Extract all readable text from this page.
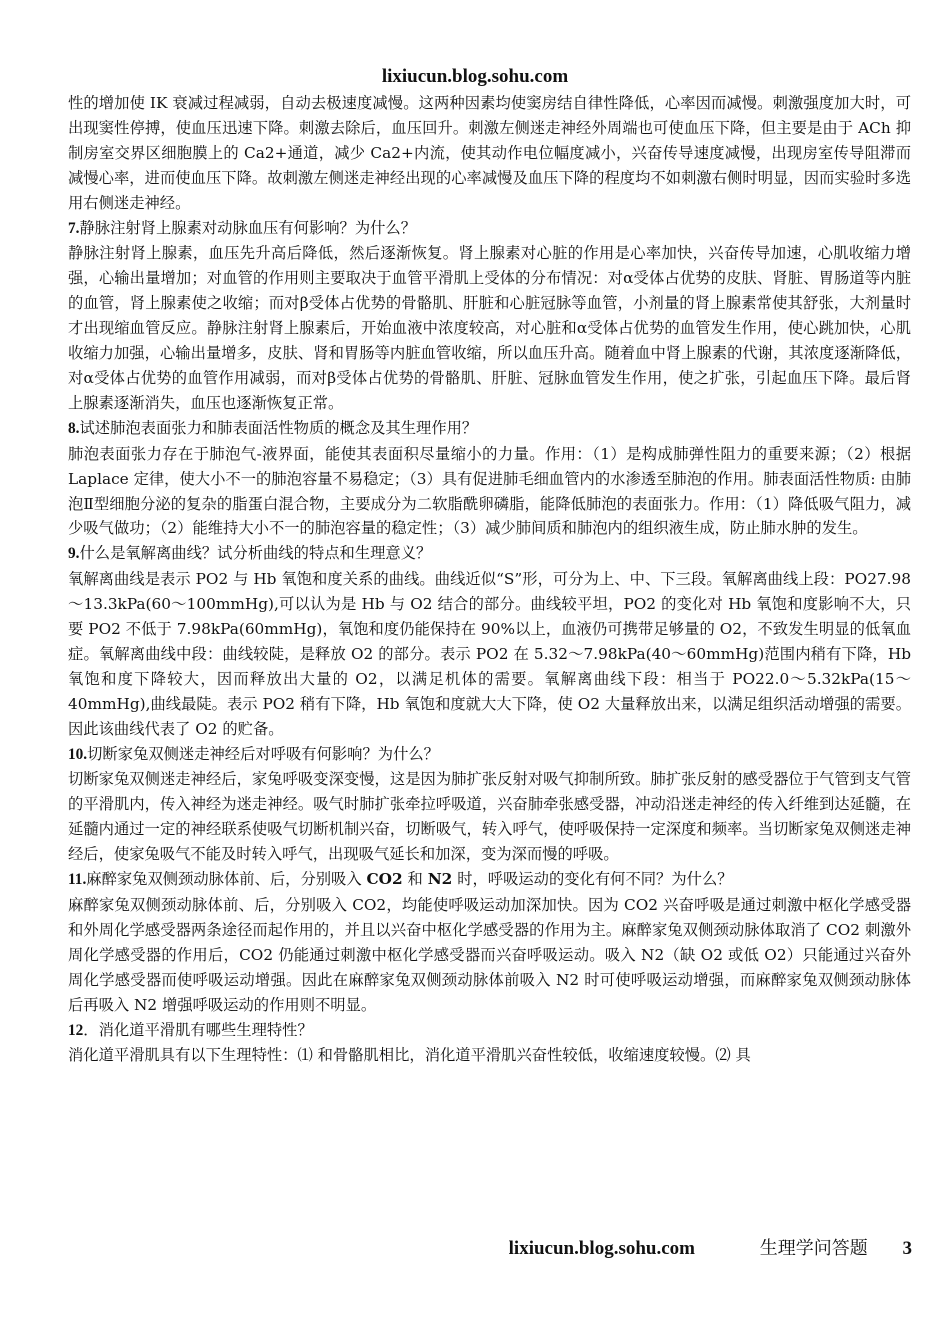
lixiucun.blog.sohu.com

性的增加使 IK 衰减过程减弱，自动去极速度减慢。这两种因素均使窦房结自律性降低，心率因而减慢。刺激强度加大时，可出现窦性停搏，使血压迅速下降。刺激去除后，血压回升。刺激左侧迷走神经外周端也可使血压下降，但主要是由于 ACh 抑制房室交界区细胞膜上的 Ca2+通道，减少 Ca2+内流，使其动作电位幅度减小，兴奋传导速度减慢，出现房室传导阻滞而减慢心率，进而使血压下降。故刺激左侧迷走神经出现的心率减慢及血压下降的程度均不如刺激右侧时明显，因而实验时多选用右侧迷走神经。

7.静脉注射肾上腺素对动脉血压有何影响？为什么？

静脉注射肾上腺素，血压先升高后降低，然后逐渐恢复。肾上腺素对心脏的作用是心率加快，兴奋传导加速，心肌收缩力增强，心输出量增加；对血管的作用则主要取决于血管平滑肌上受体的分布情况：对α受体占优势的皮肤、肾脏、胃肠道等内脏的血管，肾上腺素使之收缩；而对β受体占优势的骨骼肌、肝脏和心脏冠脉等血管，小剂量的肾上腺素常使其舒张，大剂量时才出现缩血管反应。静脉注射肾上腺素后，开始血液中浓度较高，对心脏和α受体占优势的血管发生作用，使心跳加快，心肌收缩力加强，心输出量增多，皮肤、肾和胃肠等内脏血管收缩，所以血压升高。随着血中肾上腺素的代谢，其浓度逐渐降低，对α受体占优势的血管作用减弱，而对β受体占优势的骨骼肌、肝脏、冠脉血管发生作用，使之扩张，引起血压下降。最后肾上腺素逐渐消失，血压也逐渐恢复正常。

8.试述肺泡表面张力和肺表面活性物质的概念及其生理作用？

肺泡表面张力存在于肺泡气-液界面，能使其表面积尽量缩小的力量。作用：（1）是构成肺弹性阻力的重要来源；（2）根据 Laplace 定律，使大小不一的肺泡容量不易稳定；（3）具有促进肺毛细血管内的水渗透至肺泡的作用。肺表面活性物质: 由肺泡Ⅱ型细胞分泌的复杂的脂蛋白混合物，主要成分为二软脂酰卵磷脂，能降低肺泡的表面张力。作用：（1）降低吸气阻力，减少吸气做功；（2）能维持大小不一的肺泡容量的稳定性；（3）减少肺间质和肺泡内的组织液生成，防止肺水肿的发生。

9.什么是氧解离曲线？试分析曲线的特点和生理意义？

氧解离曲线是表示 PO2 与 Hb 氧饱和度关系的曲线。曲线近似“S”形，可分为上、中、下三段。氧解离曲线上段：PO27.98～13.3kPa(60～100mmHg),可以认为是 Hb 与 O2 结合的部分。曲线较平坦，PO2 的变化对 Hb 氧饱和度影响不大，只要 PO2 不低于 7.98kPa(60mmHg)，氧饱和度仍能保持在 90%以上，血液仍可携带足够量的 O2，不致发生明显的低氧血症。氧解离曲线中段：曲线较陡，是释放 O2 的部分。表示 PO2 在 5.32～7.98kPa(40～60mmHg)范围内稍有下降，Hb 氧饱和度下降较大，因而释放出大量的 O2，以满足机体的需要。氧解离曲线下段：相当于 PO22.0～5.32kPa(15～40mmHg),曲线最陡。表示 PO2 稍有下降，Hb 氧饱和度就大大下降，使 O2 大量释放出来，以满足组织活动增强的需要。因此该曲线代表了 O2 的贮备。

10.切断家兔双侧迷走神经后对呼吸有何影响？为什么？

切断家兔双侧迷走神经后，家兔呼吸变深变慢，这是因为肺扩张反射对吸气抑制所致。肺扩张反射的感受器位于气管到支气管的平滑肌内，传入神经为迷走神经。吸气时肺扩张牵拉呼吸道，兴奋肺牵张感受器，冲动沿迷走神经的传入纤维到达延髓，在延髓内通过一定的神经联系使吸气切断机制兴奋，切断吸气，转入呼气，使呼吸保持一定深度和频率。当切断家兔双侧迷走神经后，使家兔吸气不能及时转入呼气，出现吸气延长和加深，变为深而慢的呼吸。

11.麻醉家兔双侧颈动脉体前、后，分别吸入 CO2 和 N2 时，呼吸运动的变化有何不同？为什么？

麻醉家兔双侧颈动脉体前、后，分别吸入 CO2，均能使呼吸运动加深加快。因为 CO2 兴奋呼吸是通过刺激中枢化学感受器和外周化学感受器两条途径而起作用的，并且以兴奋中枢化学感受器的作用为主。麻醉家兔双侧颈动脉体取消了 CO2 刺激外周化学感受器的作用后，CO2 仍能通过刺激中枢化学感受器而兴奋呼吸运动。吸入 N2（缺 O2 或低 O2）只能通过兴奋外周化学感受器而使呼吸运动增强。因此在麻醉家兔双侧颈动脉体前吸入 N2 时可使呼吸运动增强，而麻醉家兔双侧颈动脉体后再吸入 N2 增强呼吸运动的作用则不明显。

12．消化道平滑肌有哪些生理特性？

消化道平滑肌具有以下生理特性：⑴ 和骨骼肌相比，消化道平滑肌兴奋性较低，收缩速度较慢。⑵ 具

lixiucun.blog.sohu.com	生理学问答题 3
